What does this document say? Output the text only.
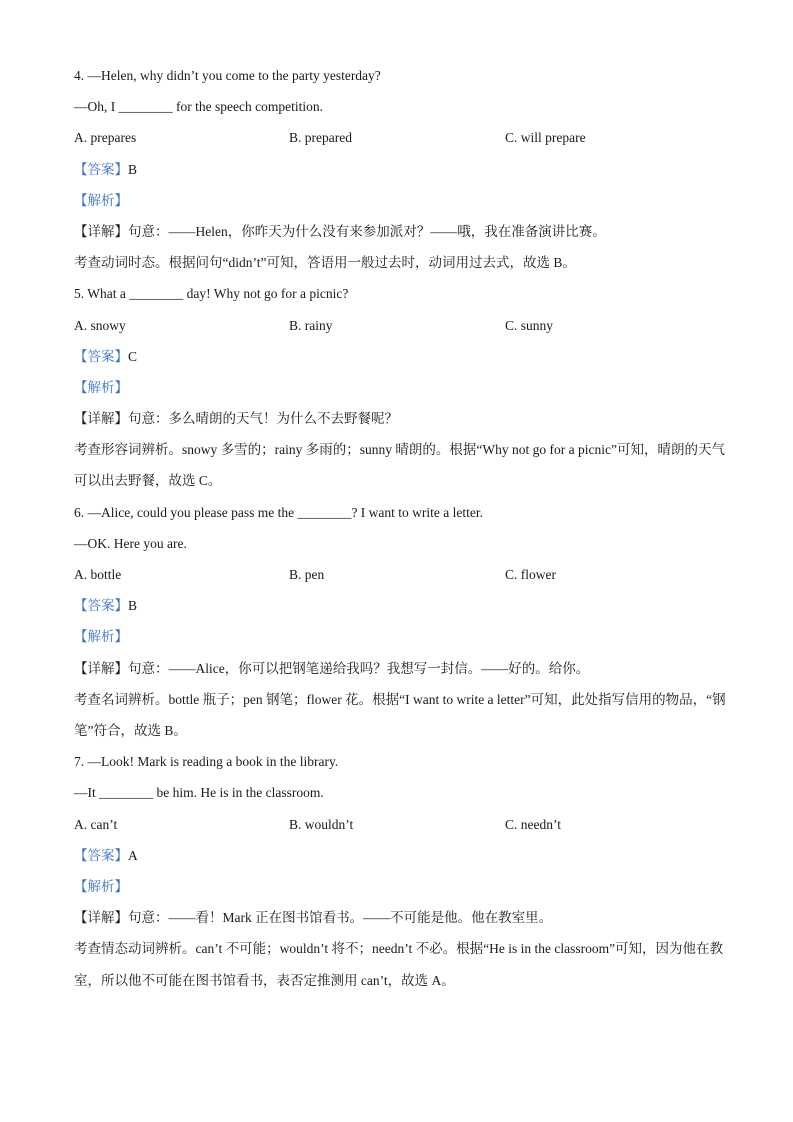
4. —Helen, why didn’t you come to the party yesterday?
—Oh, I ________ for the speech competition.
A. prepares	B. prepared	C. will prepare
【答案】B
【解析】
【详解】句意：——Helen，你昨天为什么没有来参加派对？——哦，我在准备演讲比赛。
考查动词时态。根据问句“didn’t”可知，答语用一般过去时，动词用过去式，故选 B。
5. What a ________ day! Why not go for a picnic?
A. snowy	B. rainy	C. sunny
【答案】C
【解析】
【详解】句意：多么晴朗的天气！为什么不去野餐呢？
考查形容词辨析。snowy 多雪的；rainy 多雨的；sunny 晴朗的。根据“Why not go for a picnic”可知，晴朗的天气可以出去野餐，故选 C。
6. —Alice, could you please pass me the ________? I want to write a letter.
—OK. Here you are.
A. bottle	B. pen	C. flower
【答案】B
【解析】
【详解】句意：——Alice，你可以把钢笔递给我吗？我想写一封信。——好的。给你。
考查名词辨析。bottle 瓶子；pen 钢笔；flower 花。根据“I want to write a letter”可知，此处指写信用的物品，“钢笔”符合，故选 B。
7. —Look! Mark is reading a book in the library.
—It ________ be him. He is in the classroom.
A. can’t	B. wouldn’t	C. needn’t
【答案】A
【解析】
【详解】句意：——看！Mark 正在图书馆看书。——不可能是他。他在教室里。
考查情态动词辨析。can’t 不可能；wouldn’t 将不；needn’t 不必。根据“He is in the classroom”可知，因为他在教室，所以他不可能在图书馆看书，表否定推测用 can’t，故选 A。
